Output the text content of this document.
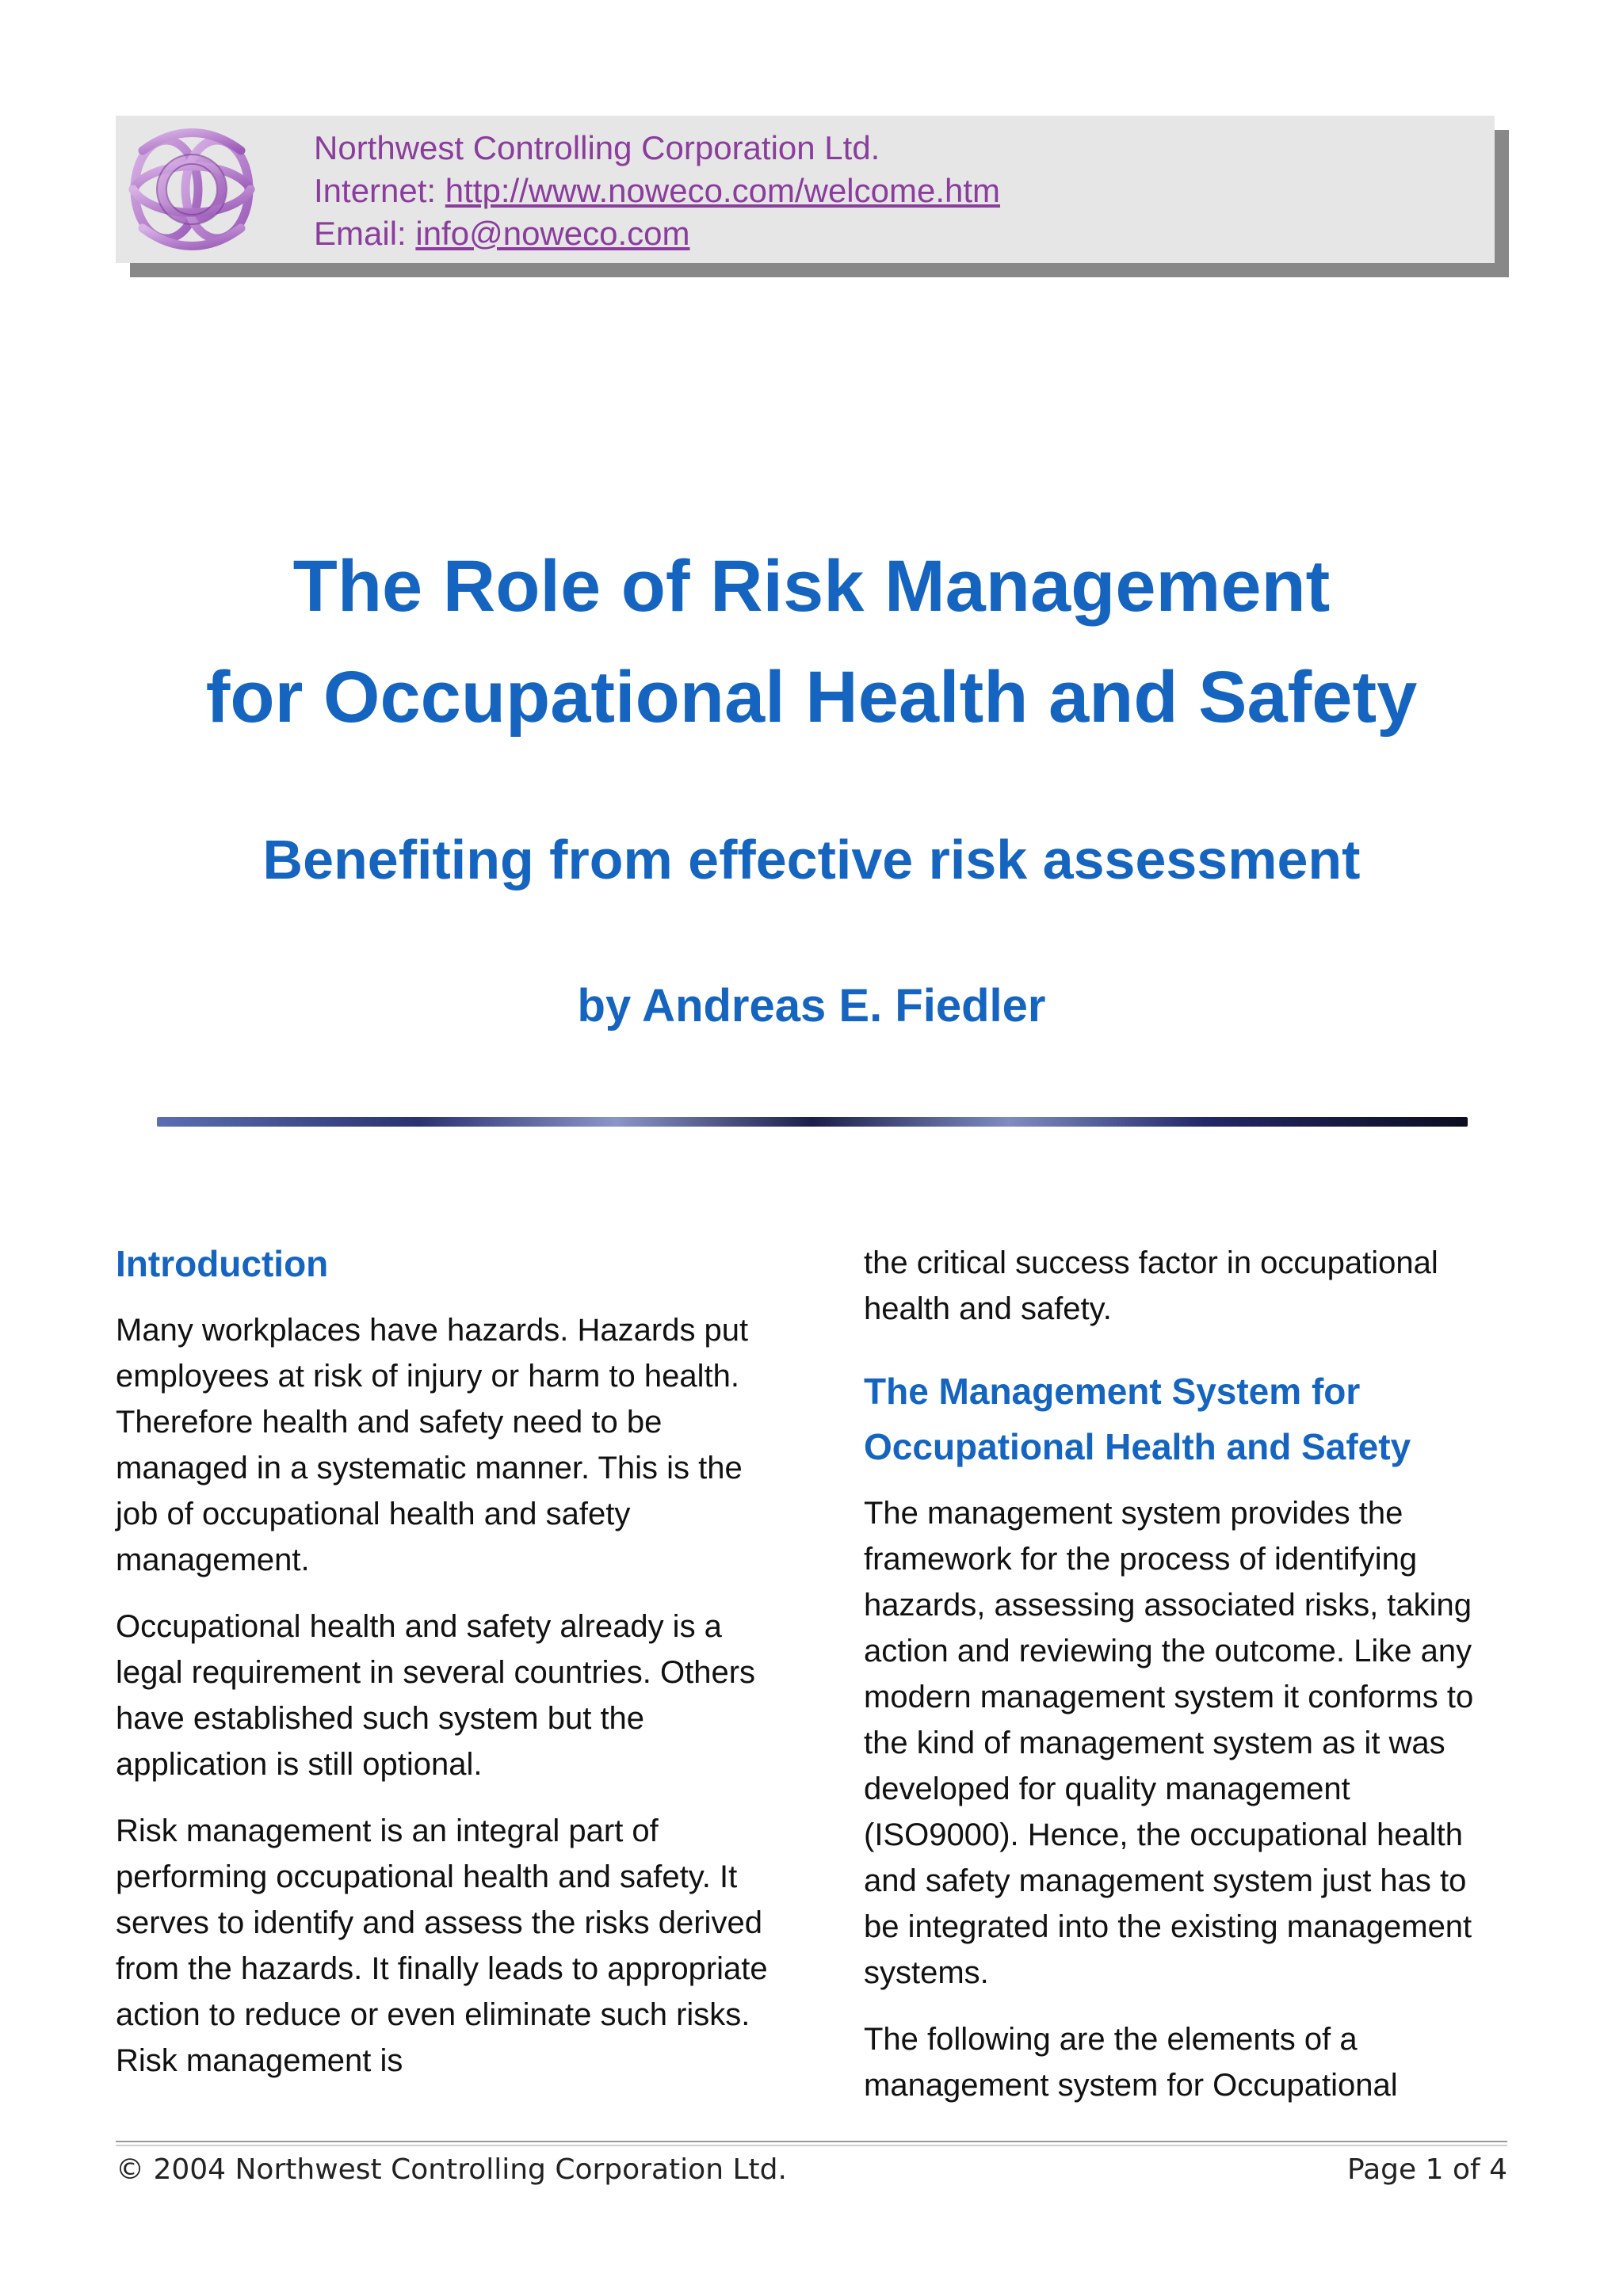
Northwest Controlling Corporation Ltd.
Internet: http://www.noweco.com/welcome.htm
Email: info@noweco.com
The Role of Risk Management
for Occupational Health and Safety
Benefiting from effective risk assessment
by Andreas E. Fiedler
Introduction

Many workplaces have hazards. Hazards put employees at risk of injury or harm to health. Therefore health and safety need to be managed in a systematic manner. This is the job of occupational health and safety management.

Occupational health and safety already is a legal requirement in several countries. Others have established such system but the application is still optional.

Risk management is an integral part of performing occupational health and safety. It serves to identify and assess the risks derived from the hazards. It finally leads to appropriate action to reduce or even eliminate such risks. Risk management is

the critical success factor in occupational health and safety.

The Management System for Occupational Health and Safety

The management system provides the framework for the process of identifying hazards, assessing associated risks, taking action and reviewing the outcome. Like any modern management system it conforms to the kind of management system as it was developed for quality management (ISO9000). Hence, the occupational health and safety management system just has to be integrated into the existing management systems.

The following are the elements of a management system for Occupational

© 2004 Northwest Controlling Corporation Ltd.	Page 1 of 4
